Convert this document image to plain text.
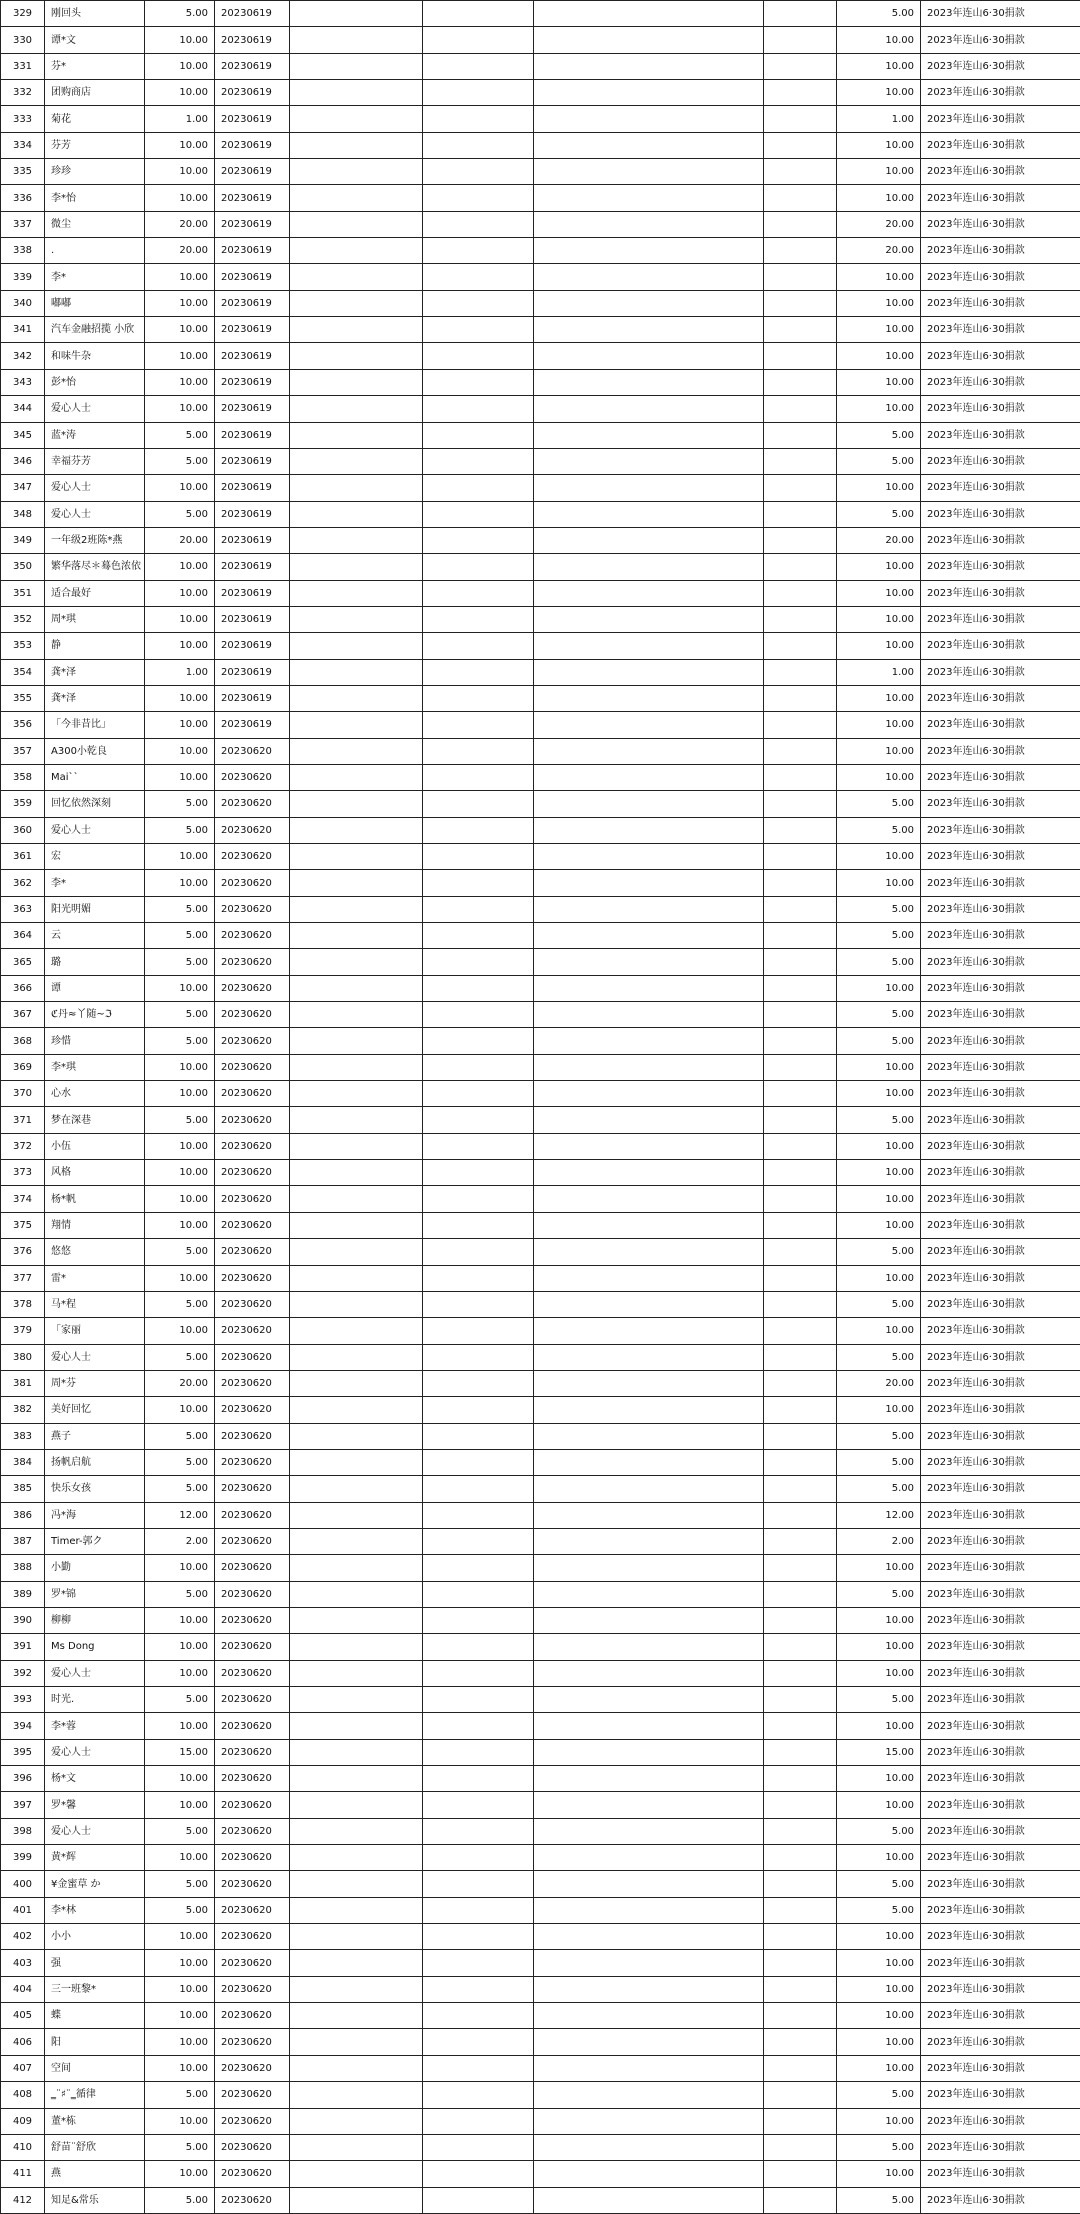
329	刚回头	5.00	20230619					5.00	2023年连山6·30捐款
330	谭*文	10.00	20230619					10.00	2023年连山6·30捐款
331	芬*	10.00	20230619					10.00	2023年连山6·30捐款
332	团购商店	10.00	20230619					10.00	2023年连山6·30捐款
333	菊花	1.00	20230619					1.00	2023年连山6·30捐款
334	芬芳	10.00	20230619					10.00	2023年连山6·30捐款
335	珍珍	10.00	20230619					10.00	2023年连山6·30捐款
336	李*怡	10.00	20230619					10.00	2023年连山6·30捐款
337	微尘	20.00	20230619					20.00	2023年连山6·30捐款
338	.	20.00	20230619					20.00	2023年连山6·30捐款
339	李*	10.00	20230619					10.00	2023年连山6·30捐款
340	嘟嘟	10.00	20230619					10.00	2023年连山6·30捐款
341	汽车金融招揽 小欣	10.00	20230619					10.00	2023年连山6·30捐款
342	和味牛杂	10.00	20230619					10.00	2023年连山6·30捐款
343	彭*怡	10.00	20230619					10.00	2023年连山6·30捐款
344	爱心人士	10.00	20230619					10.00	2023年连山6·30捐款
345	蓝*涛	5.00	20230619					5.00	2023年连山6·30捐款
346	幸福芬芳	5.00	20230619					5.00	2023年连山6·30捐款
347	爱心人士	10.00	20230619					10.00	2023年连山6·30捐款
348	爱心人士	5.00	20230619					5.00	2023年连山6·30捐款
349	一年级2班陈*燕	20.00	20230619					20.00	2023年连山6·30捐款
350	繁华落尽＊蓦色浓依	10.00	20230619					10.00	2023年连山6·30捐款
351	适合最好	10.00	20230619					10.00	2023年连山6·30捐款
352	周*琪	10.00	20230619					10.00	2023年连山6·30捐款
353	静	10.00	20230619					10.00	2023年连山6·30捐款
354	龚*泽	1.00	20230619					1.00	2023年连山6·30捐款
355	龚*泽	10.00	20230619					10.00	2023年连山6·30捐款
356	「今非昔比」	10.00	20230619					10.00	2023年连山6·30捐款
357	A300小乾良	10.00	20230620					10.00	2023年连山6·30捐款
358	Mai``	10.00	20230620					10.00	2023年连山6·30捐款
359	回忆依然深刻	5.00	20230620					5.00	2023年连山6·30捐款
360	爱心人士	5.00	20230620					5.00	2023年连山6·30捐款
361	宏	10.00	20230620					10.00	2023年连山6·30捐款
362	李*	10.00	20230620					10.00	2023年连山6·30捐款
363	阳光明媚	5.00	20230620					5.00	2023年连山6·30捐款
364	云	5.00	20230620					5.00	2023年连山6·30捐款
365	璐	5.00	20230620					5.00	2023年连山6·30捐款
366	谭	10.00	20230620					10.00	2023年连山6·30捐款
367	ℭ丹≈丫随~ℑ	5.00	20230620					5.00	2023年连山6·30捐款
368	珍惜	5.00	20230620					5.00	2023年连山6·30捐款
369	李*琪	10.00	20230620					10.00	2023年连山6·30捐款
370	心水	10.00	20230620					10.00	2023年连山6·30捐款
371	梦在深巷	5.00	20230620					5.00	2023年连山6·30捐款
372	小伍	10.00	20230620					10.00	2023年连山6·30捐款
373	风格	10.00	20230620					10.00	2023年连山6·30捐款
374	杨*帆	10.00	20230620					10.00	2023年连山6·30捐款
375	翔情	10.00	20230620					10.00	2023年连山6·30捐款
376	悠悠	5.00	20230620					5.00	2023年连山6·30捐款
377	雷*	10.00	20230620					10.00	2023年连山6·30捐款
378	马*程	5.00	20230620					5.00	2023年连山6·30捐款
379	「家丽	10.00	20230620					10.00	2023年连山6·30捐款
380	爱心人士	5.00	20230620					5.00	2023年连山6·30捐款
381	周*芬	20.00	20230620					20.00	2023年连山6·30捐款
382	美好回忆	10.00	20230620					10.00	2023年连山6·30捐款
383	燕子	5.00	20230620					5.00	2023年连山6·30捐款
384	扬帆启航	5.00	20230620					5.00	2023年连山6·30捐款
385	快乐女孩	5.00	20230620					5.00	2023年连山6·30捐款
386	冯*海	12.00	20230620					12.00	2023年连山6·30捐款
387	Timer-郭ク	2.00	20230620					2.00	2023年连山6·30捐款
388	小勤	10.00	20230620					10.00	2023年连山6·30捐款
389	罗*锦	5.00	20230620					5.00	2023年连山6·30捐款
390	柳柳	10.00	20230620					10.00	2023年连山6·30捐款
391	Ms Dong	10.00	20230620					10.00	2023年连山6·30捐款
392	爱心人士	10.00	20230620					10.00	2023年连山6·30捐款
393	时光.	5.00	20230620					5.00	2023年连山6·30捐款
394	李*蓉	10.00	20230620					10.00	2023年连山6·30捐款
395	爱心人士	15.00	20230620					15.00	2023年连山6·30捐款
396	杨*文	10.00	20230620					10.00	2023年连山6·30捐款
397	罗*馨	10.00	20230620					10.00	2023年连山6·30捐款
398	爱心人士	5.00	20230620					5.00	2023年连山6·30捐款
399	黄*辉	10.00	20230620					10.00	2023年连山6·30捐款
400	¥金蜜草 か	5.00	20230620					5.00	2023年连山6·30捐款
401	李*林	5.00	20230620					5.00	2023年连山6·30捐款
402	小小	10.00	20230620					10.00	2023年连山6·30捐款
403	强	10.00	20230620					10.00	2023年连山6·30捐款
404	三一班黎*	10.00	20230620					10.00	2023年连山6·30捐款
405	蝶	10.00	20230620					10.00	2023年连山6·30捐款
406	阳	10.00	20230620					10.00	2023年连山6·30捐款
407	空间	10.00	20230620					10.00	2023年连山6·30捐款
408	‗¨♯¨‗循律	5.00	20230620					5.00	2023年连山6·30捐款
409	董*栋	10.00	20230620					10.00	2023年连山6·30捐款
410	舒苗¨舒欣	5.00	20230620					5.00	2023年连山6·30捐款
411	燕	10.00	20230620					10.00	2023年连山6·30捐款
412	知足&常乐	5.00	20230620					5.00	2023年连山6·30捐款
